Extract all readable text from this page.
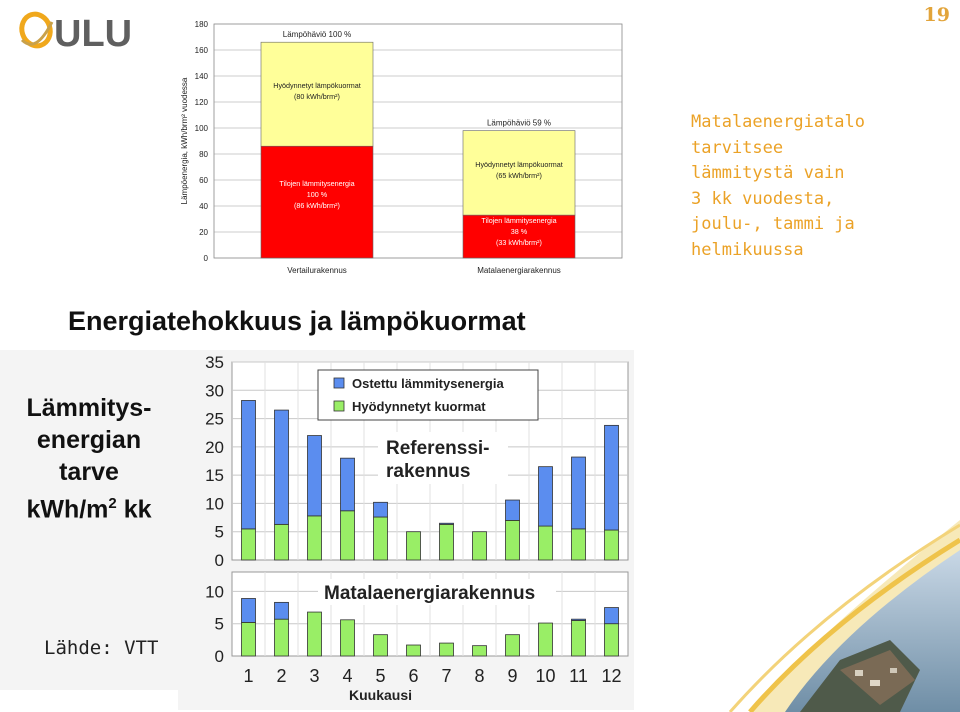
ULU	19
Matalaenergiatalo
tarvitsee
lämmitystä vain
3 kk vuodesta,
joulu-, tammi ja
helmikuussa
0
20
40
60
80
100
120
140
160
180
Lämpöenergia, kWh/brm² vuodessa	Tilojen lämmitysenergia
100 %
(86 kWh/brm²)
Hyödynnetyt lämpökuormat
(80 kWh/brm²)
Lämpöhäviö 100 %
Vertailurakennus
Tilojen lämmitysenergia
38 %
(33 kWh/brm²)
Hyödynnetyt lämpökuormat
(65 kWh/brm²)
Lämpöhäviö 59 %
Matalaenergiarakennus
Energiatehokkuus ja lämpökuormat
Lämmitys-
energian
tarve
kWh/$m^2$ kk
Lähde: VTT
0
5
10
15
20
25
30
35
Ostettu lämmitysenergia
Hyödynnetyt kuormat
Referenssi-
rakennus
0
5
10	Matalaenergiarakennus
1 2 3 4 5 6 7 8 9 10 11 12
Kuukausi
